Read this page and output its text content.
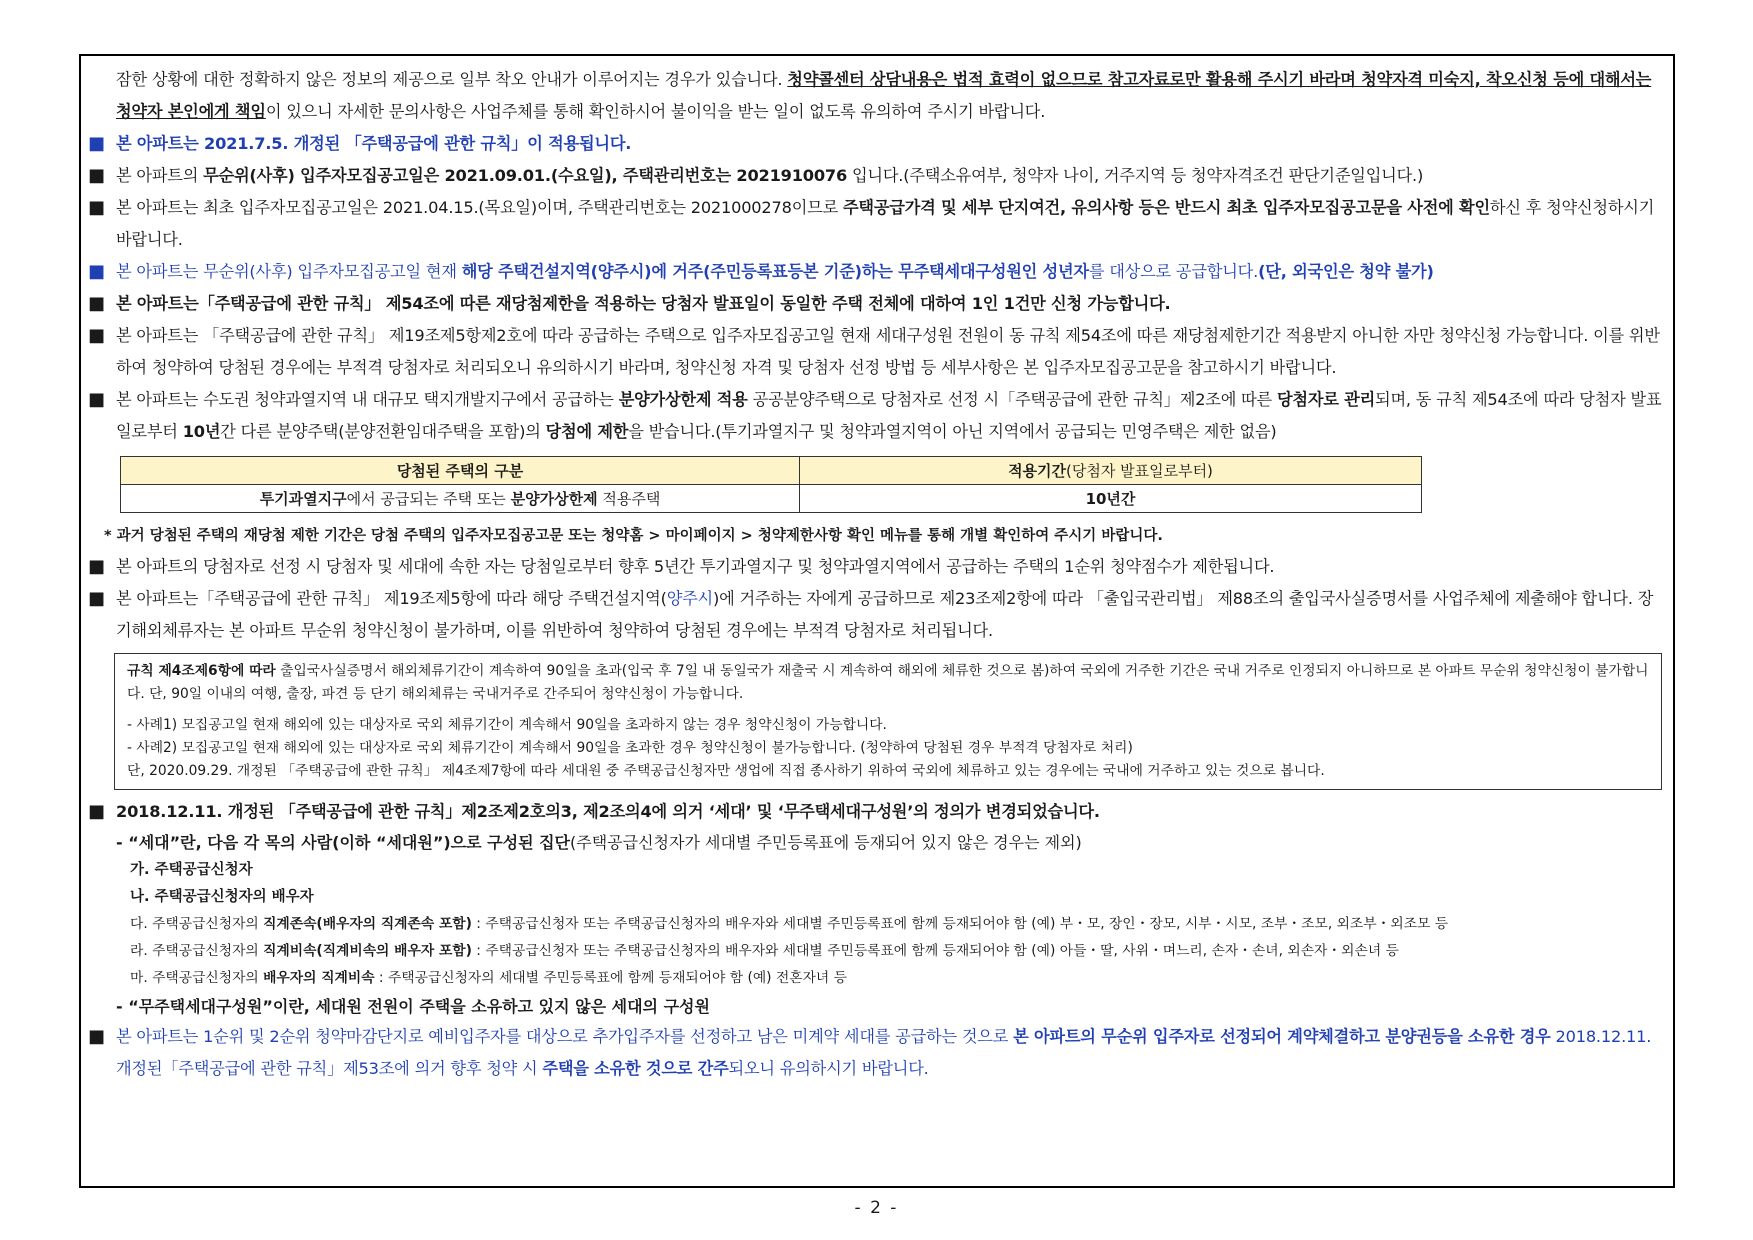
잠한 상황에 대한 정확하지 않은 정보의 제공으로 일부 착오 안내가 이루어지는 경우가 있습니다. 청약콜센터 상담내용은 법적 효력이 없으므로 참고자료로만 활용해 주시기 바라며 청약자격 미숙지, 착오신청 등에 대해서는 청약자 본인에게 책임이 있으니 자세한 문의사항은 사업주체를 통해 확인하시어 불이익을 받는 일이 없도록 유의하여 주시기 바랍니다.
■ 본 아파트는 2021.7.5. 개정된 「주택공급에 관한 규칙」이 적용됩니다.
■ 본 아파트의 무순위(사후) 입주자모집공고일은 2021.09.01.(수요일), 주택관리번호는 2021910076 입니다.(주택소유여부, 청약자 나이, 거주지역 등 청약자격조건 판단기준일입니다.)
■ 본 아파트는 최초 입주자모집공고일은 2021.04.15.(목요일)이며, 주택관리번호는 2021000278이므로 주택공급가격 및 세부 단지여건, 유의사항 등은 반드시 최초 입주자모집공고문을 사전에 확인하신 후 청약신청하시기 바랍니다.
■ 본 아파트는 무순위(사후) 입주자모집공고일 현재 해당 주택건설지역(양주시)에 거주(주민등록표등본 기준)하는 무주택세대구성원인 성년자를 대상으로 공급합니다.(단, 외국인은 청약 불가)
■ 본 아파트는「주택공급에 관한 규칙」 제54조에 따른 재당첨제한을 적용하는 당첨자 발표일이 동일한 주택 전체에 대하여 1인 1건만 신청 가능합니다.
■ 본 아파트는 「주택공급에 관한 규칙」 제19조제5항제2호에 따라 공급하는 주택으로 입주자모집공고일 현재 세대구성원 전원이 동 규칙 제54조에 따른 재당첨제한기간 적용받지 아니한 자만 청약신청 가능합니다. 이를 위반하여 청약하여 당첨된 경우에는 부적격 당첨자로 처리되오니 유의하시기 바라며, 청약신청 자격 및 당첨자 선정 방법 등 세부사항은 본 입주자모집공고문을 참고하시기 바랍니다.
■ 본 아파트는 수도권 청약과열지역 내 대규모 택지개발지구에서 공급하는 분양가상한제 적용 공공분양주택으로 당첨자로 선정 시「주택공급에 관한 규칙」제2조에 따른 당첨자로 관리되며, 동 규칙 제54조에 따라 당첨자 발표일로부터 10년간 다른 분양주택(분양전환임대주택을 포함)의 당첨에 제한을 받습니다.(투기과열지구 및 청약과열지역이 아닌 지역에서 공급되는 민영주택은 제한 없음)
당첨된 주택의 구분	적용기간(당첨자 발표일로부터)
투기과열지구에서 공급되는 주택 또는 분양가상한제 적용주택	10년간
* 과거 당첨된 주택의 재당첨 제한 기간은 당첨 주택의 입주자모집공고문 또는 청약홈 > 마이페이지 > 청약제한사항 확인 메뉴를 통해 개별 확인하여 주시기 바랍니다.
■ 본 아파트의 당첨자로 선정 시 당첨자 및 세대에 속한 자는 당첨일로부터 향후 5년간 투기과열지구 및 청약과열지역에서 공급하는 주택의 1순위 청약점수가 제한됩니다.
■ 본 아파트는「주택공급에 관한 규칙」 제19조제5항에 따라 해당 주택건설지역(양주시)에 거주하는 자에게 공급하므로 제23조제2항에 따라 「출입국관리법」 제88조의 출입국사실증명서를 사업주체에 제출해야 합니다. 장기해외체류자는 본 아파트 무순위 청약신청이 불가하며, 이를 위반하여 청약하여 당첨된 경우에는 부적격 당첨자로 처리됩니다.
규칙 제4조제6항에 따라 출입국사실증명서 해외체류기간이 계속하여 90일을 초과(입국 후 7일 내 동일국가 재출국 시 계속하여 해외에 체류한 것으로 봄)하여 국외에 거주한 기간은 국내 거주로 인정되지 아니하므로 본 아파트 무순위 청약신청이 불가합니다. 단, 90일 이내의 여행, 출장, 파견 등 단기 해외체류는 국내거주로 간주되어 청약신청이 가능합니다.
- 사례1) 모집공고일 현재 해외에 있는 대상자로 국외 체류기간이 계속해서 90일을 초과하지 않는 경우 청약신청이 가능합니다.
- 사례2) 모집공고일 현재 해외에 있는 대상자로 국외 체류기간이 계속해서 90일을 초과한 경우 청약신청이 불가능합니다. (청약하여 당첨된 경우 부적격 당첨자로 처리)
단, 2020.09.29. 개정된 「주택공급에 관한 규칙」 제4조제7항에 따라 세대원 중 주택공급신청자만 생업에 직접 종사하기 위하여 국외에 체류하고 있는 경우에는 국내에 거주하고 있는 것으로 봅니다.
■ 2018.12.11. 개정된 「주택공급에 관한 규칙」제2조제2호의3, 제2조의4에 의거 ‘세대’ 및 ‘무주택세대구성원’의 정의가 변경되었습니다.
- “세대”란, 다음 각 목의 사람(이하 “세대원”)으로 구성된 집단(주택공급신청자가 세대별 주민등록표에 등재되어 있지 않은 경우는 제외)
가. 주택공급신청자
나. 주택공급신청자의 배우자
다. 주택공급신청자의 직계존속(배우자의 직계존속 포함) : 주택공급신청자 또는 주택공급신청자의 배우자와 세대별 주민등록표에 함께 등재되어야 함 (예) 부・모, 장인・장모, 시부・시모, 조부・조모, 외조부・외조모 등
라. 주택공급신청자의 직계비속(직계비속의 배우자 포함) : 주택공급신청자 또는 주택공급신청자의 배우자와 세대별 주민등록표에 함께 등재되어야 함 (예) 아들・딸, 사위・며느리, 손자・손녀, 외손자・외손녀 등
마. 주택공급신청자의 배우자의 직계비속 : 주택공급신청자의 세대별 주민등록표에 함께 등재되어야 함 (예) 전혼자녀 등
- “무주택세대구성원”이란, 세대원 전원이 주택을 소유하고 있지 않은 세대의 구성원
■ 본 아파트는 1순위 및 2순위 청약마감단지로 예비입주자를 대상으로 추가입주자를 선정하고 남은 미계약 세대를 공급하는 것으로 본 아파트의 무순위 입주자로 선정되어 계약체결하고 분양권등을 소유한 경우 2018.12.11. 개정된「주택공급에 관한 규칙」제53조에 의거 향후 청약 시 주택을 소유한 것으로 간주되오니 유의하시기 바랍니다.
- 2 -
